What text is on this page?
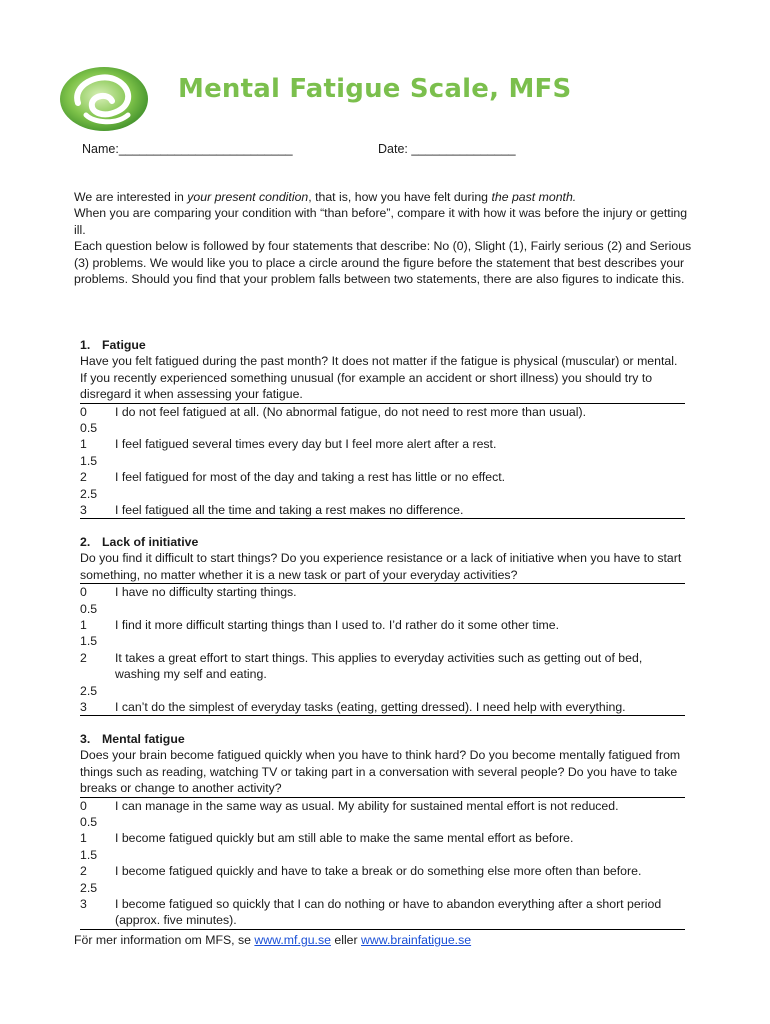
Mental Fatigue Scale, MFS
Name:_________________________	Date: _______________

We are interested in your present condition, that is, how you have felt during the past month.

When you are comparing your condition with “than before”, compare it with how it was before the injury or getting ill.

Each question below is followed by four statements that describe: No (0), Slight (1), Fairly serious (2) and Serious (3) problems. We would like you to place a circle around the figure before the statement that best describes your problems. Should you find that your problem falls between two statements, there are also figures to indicate this.

1. Fatigue

Have you felt fatigued during the past month? It does not matter if the fatigue is physical (muscular) or mental. If you recently experienced something unusual (for example an accident or short illness) you should try to disregard it when assessing your fatigue.

0	I do not feel fatigued at all. (No abnormal fatigue, do not need to rest more than usual).
0.5
1	I feel fatigued several times every day but I feel more alert after a rest.
1.5
2	I feel fatigued for most of the day and taking a rest has little or no effect.
2.5
3	I feel fatigued all the time and taking a rest makes no difference.
2. Lack of initiative

Do you find it difficult to start things? Do you experience resistance or a lack of initiative when you have to start something, no matter whether it is a new task or part of your everyday activities?

0	I have no difficulty starting things.
0.5
1	I find it more difficult starting things than I used to. I’d rather do it some other time.
1.5
2	It takes a great effort to start things. This applies to everyday activities such as getting out of bed, washing my self and eating.
2.5
3	I can’t do the simplest of everyday tasks (eating, getting dressed). I need help with everything.
3. Mental fatigue

Does your brain become fatigued quickly when you have to think hard? Do you become mentally fatigued from things such as reading, watching TV or taking part in a conversation with several people? Do you have to take breaks or change to another activity?

0	I can manage in the same way as usual. My ability for sustained mental effort is not reduced.
0.5
1	I become fatigued quickly but am still able to make the same mental effort as before.
1.5
2	I become fatigued quickly and have to take a break or do something else more often than before.
2.5
3	I become fatigued so quickly that I can do nothing or have to abandon everything after a short period (approx. five minutes).
För mer information om MFS, se www.mf.gu.se eller www.brainfatigue.se
